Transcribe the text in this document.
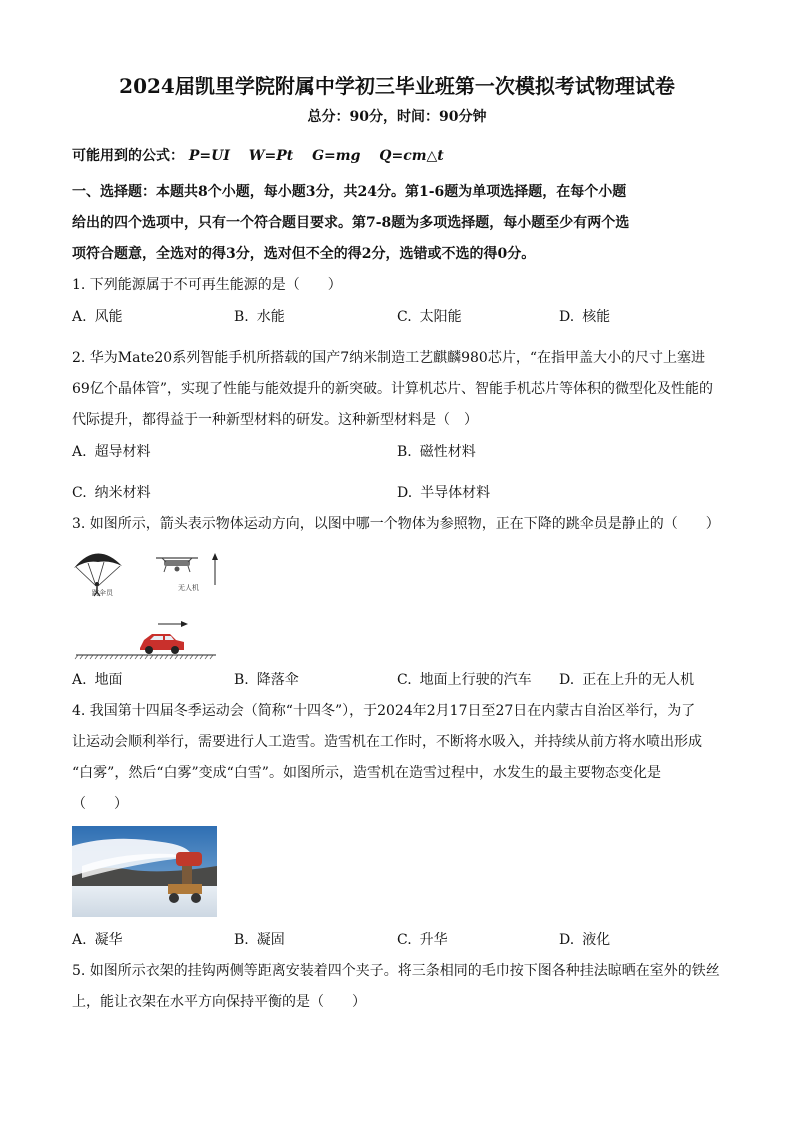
2024届凯里学院附属中学初三毕业班第一次模拟考试物理试卷
总分：90分，时间：90分钟
可能用到的公式： P=UI W=Pt G=mg Q=cm△t
一、选择题：本题共8个小题，每小题3分，共24分。第1-6题为单项选择题，在每个小题
给出的四个选项中，只有一个符合题目要求。第7-8题为多项选择题，每小题至少有两个选
项符合题意，全选对的得3分，选对但不全的得2分，选错或不选的得0分。
1. 下列能源属于不可再生能源的是（　　）
A. 风能	B. 水能	C. 太阳能	D. 核能
2. 华为Mate20系列智能手机所搭载的国产7纳米制造工艺麒麟980芯片，“在指甲盖大小的尺寸上塞进
69亿个晶体管”，实现了性能与能效提升的新突破。计算机芯片、智能手机芯片等体积的微型化及性能的
代际提升，都得益于一种新型材料的研发。这种新型材料是（　）
A. 超导材料	B. 磁性材料
C. 纳米材料	D. 半导体材料
3. 如图所示，箭头表示物体运动方向，以图中哪一个物体为参照物，正在下降的跳伞员是静止的（　　）
跳伞员
无人机
A. 地面	B. 降落伞	C. 地面上行驶的汽车 D. 正在上升的无人机
4. 我国第十四届冬季运动会（简称“十四冬”），于2024年2月17日至27日在内蒙古自治区举行，为了
让运动会顺利举行，需要进行人工造雪。造雪机在工作时，不断将水吸入，并持续从前方将水喷出形成
“白雾”，然后“白雾”变成“白雪”。如图所示，造雪机在造雪过程中，水发生的最主要物态变化是
（　　）
A. 凝华	B. 凝固	C. 升华	D. 液化
5. 如图所示衣架的挂钩两侧等距离安装着四个夹子。将三条相同的毛巾按下图各种挂法晾晒在室外的铁丝
上，能让衣架在水平方向保持平衡的是（　　）
